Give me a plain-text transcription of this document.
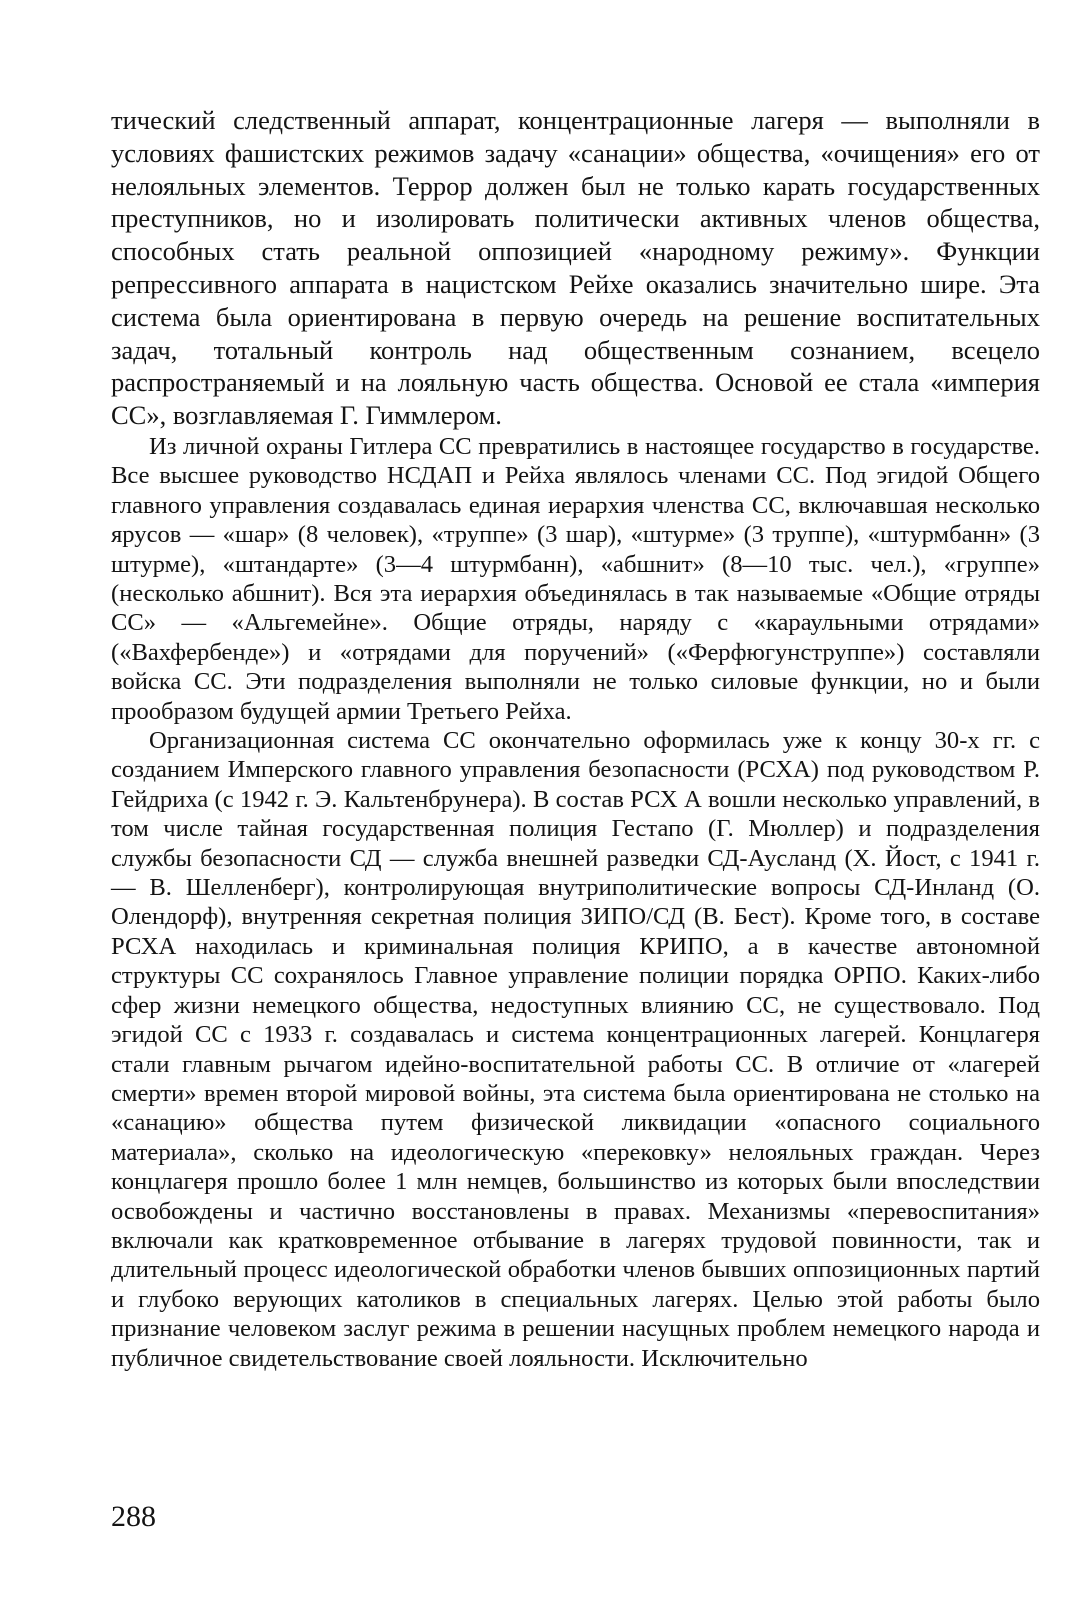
тический следственный аппарат, концентрационные лагеря — выполняли в условиях фашистских режимов задачу «санации» общества, «очищения» его от нелояльных элементов. Террор должен был не только карать государственных преступников, но и изолировать политически активных членов общества, способных стать реальной оппозицией «народному режиму». Функции репрессивного аппарата в нацистском Рейхе оказались значительно шире. Эта система была ориентирована в первую очередь на решение воспитательных задач, тотальный контроль над общественным сознанием, всецело распространяемый и на лояльную часть общества. Основой ее стала «империя СС», возглавляемая Г. Гиммлером.

Из личной охраны Гитлера СС превратились в настоящее государство в государстве. Все высшее руководство НСДАП и Рейха являлось членами СС. Под эгидой Общего главного управления создавалась единая иерархия членства СС, включавшая несколько ярусов — «шар» (8 человек), «труппе» (3 шар), «штурме» (3 труппе), «штурмбанн» (3 штурме), «штандарте» (3—4 штурмбанн), «абшнит» (8—10 тыс. чел.), «группе» (несколько абшнит). Вся эта иерархия объединялась в так называемые «Общие отряды СС» — «Альгемейне». Общие отряды, наряду с «караульными отрядами» («Вахфербенде») и «отрядами для поручений» («Ферфюгунструппе») составляли войска СС. Эти подразделения выполняли не только силовые функции, но и были прообразом будущей армии Третьего Рейха.

Организационная система СС окончательно оформилась уже к концу 30-х гг. с созданием Имперского главного управления безопасности (РСХА) под руководством Р. Гейдриха (с 1942 г. Э. Кальтенбрунера). В состав РСХ А вошли несколько управлений, в том числе тайная государственная полиция Гестапо (Г. Мюллер) и подразделения службы безопасности СД — служба внешней разведки СД-Аусланд (X. Йост, с 1941 г. — В. Шелленберг), контролирующая внутриполитические вопросы СД-Инланд (О. Олендорф), внутренняя секретная полиция ЗИПО/СД (В. Бест). Кроме того, в составе РСХА находилась и криминальная полиция КРИПО, а в качестве автономной структуры СС сохранялось Главное управление полиции порядка ОРПО. Каких-либо сфер жизни немецкого общества, недоступных влиянию СС, не существовало. Под эгидой СС с 1933 г. создавалась и система концентрационных лагерей. Концлагеря стали главным рычагом идейно-воспитательной работы СС. В отличие от «лагерей смерти» времен второй мировой войны, эта система была ориентирована не столько на «санацию» общества путем физической ликвидации «опасного социального материала», сколько на идеологическую «перековку» нелояльных граждан. Через концлагеря прошло более 1 млн немцев, большинство из которых были впоследствии освобождены и частично восстановлены в правах. Механизмы «перевоспитания» включали как кратковременное отбывание в лагерях трудовой повинности, так и длительный процесс идеологической обработки членов бывших оппозиционных партий и глубоко верующих католиков в специальных лагерях. Целью этой работы было признание человеком заслуг режима в решении насущных проблем немецкого народа и публичное свидетельствование своей лояльности. Исключительно

288
